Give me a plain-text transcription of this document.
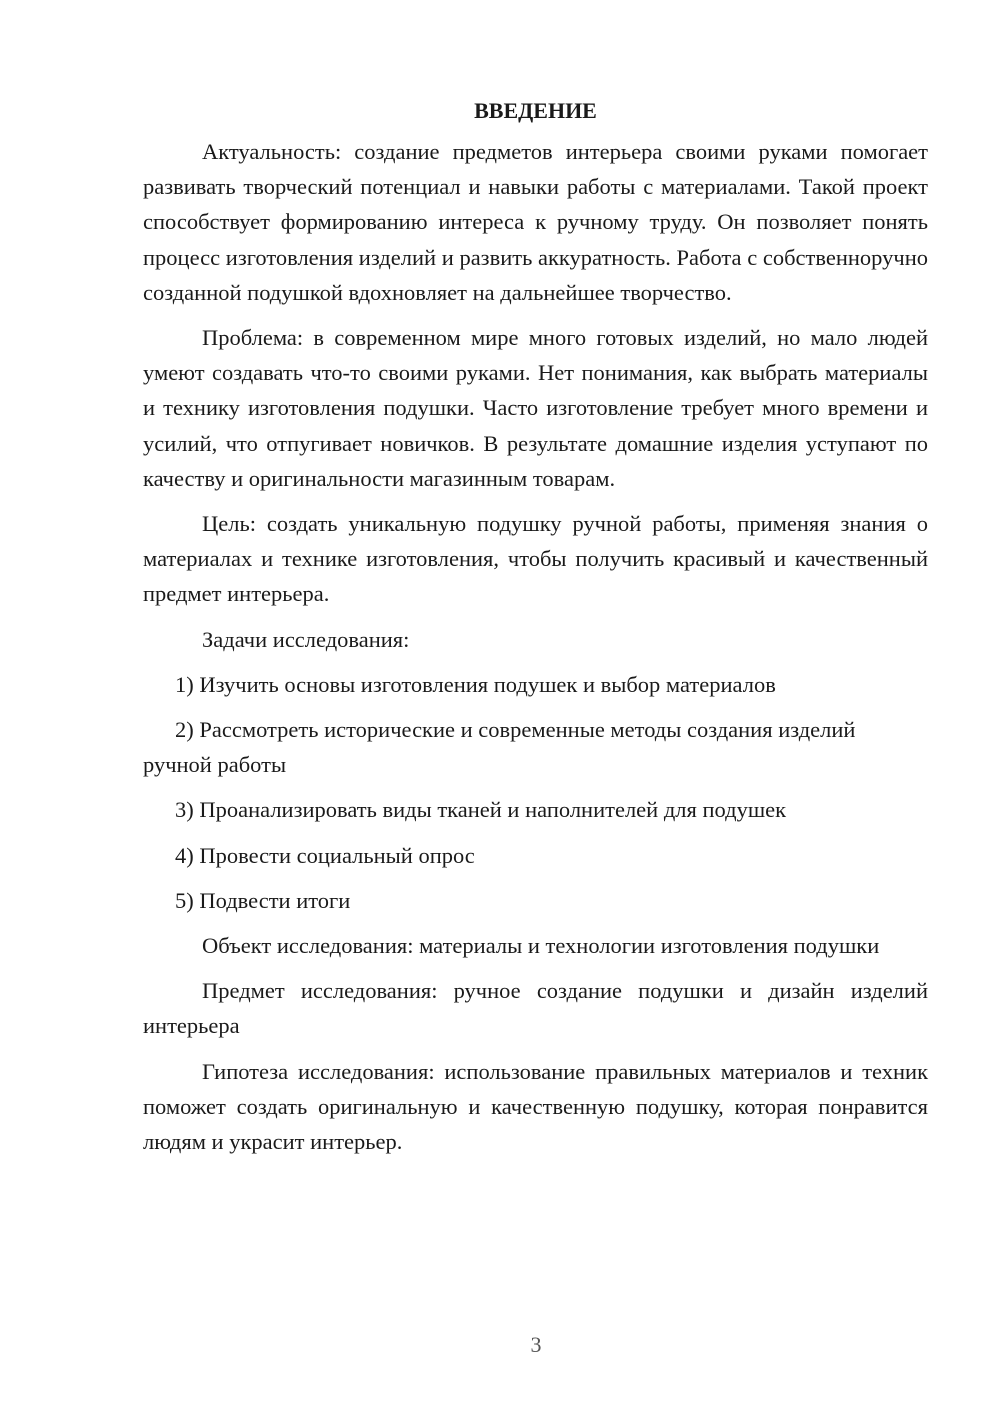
ВВЕДЕНИЕ

Актуальность: создание предметов интерьера своими руками помогает развивать творческий потенциал и навыки работы с материалами. Такой проект способствует формированию интереса к ручному труду. Он позволяет понять процесс изготовления изделий и развить аккуратность. Работа с собственноручно созданной подушкой вдохновляет на дальнейшее творчество.

Проблема: в современном мире много готовых изделий, но мало людей умеют создавать что-то своими руками. Нет понимания, как выбрать материалы и технику изготовления подушки. Часто изготовление требует много времени и усилий, что отпугивает новичков. В результате домашние изделия уступают по качеству и оригинальности магазинным товарам.

Цель: создать уникальную подушку ручной работы, применяя знания о материалах и технике изготовления, чтобы получить красивый и качественный предмет интерьера.

Задачи исследования:

1) Изучить основы изготовления подушек и выбор материалов

2) Рассмотреть исторические и современные методы создания изделий ручной работы

3) Проанализировать виды тканей и наполнителей для подушек

4) Провести социальный опрос

5) Подвести итоги

Объект исследования: материалы и технологии изготовления подушки

Предмет исследования: ручное создание подушки и дизайн изделий интерьера

Гипотеза исследования: использование правильных материалов и техник поможет создать оригинальную и качественную подушку, которая понравится людям и украсит интерьер.

3
